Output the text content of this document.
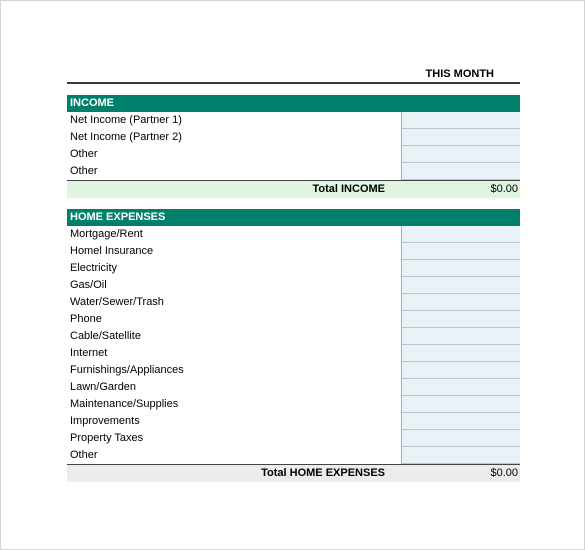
THIS MONTH
INCOME
Net Income (Partner 1)
Net Income (Partner 2)
Other
Other
Total INCOME	$0.00
HOME EXPENSES
Mortgage/Rent
Homel Insurance
Electricity
Gas/Oil
Water/Sewer/Trash
Phone
Cable/Satellite
Internet
Furnishings/Appliances
Lawn/Garden
Maintenance/Supplies
Improvements
Property Taxes
Other
Total HOME EXPENSES	$0.00
